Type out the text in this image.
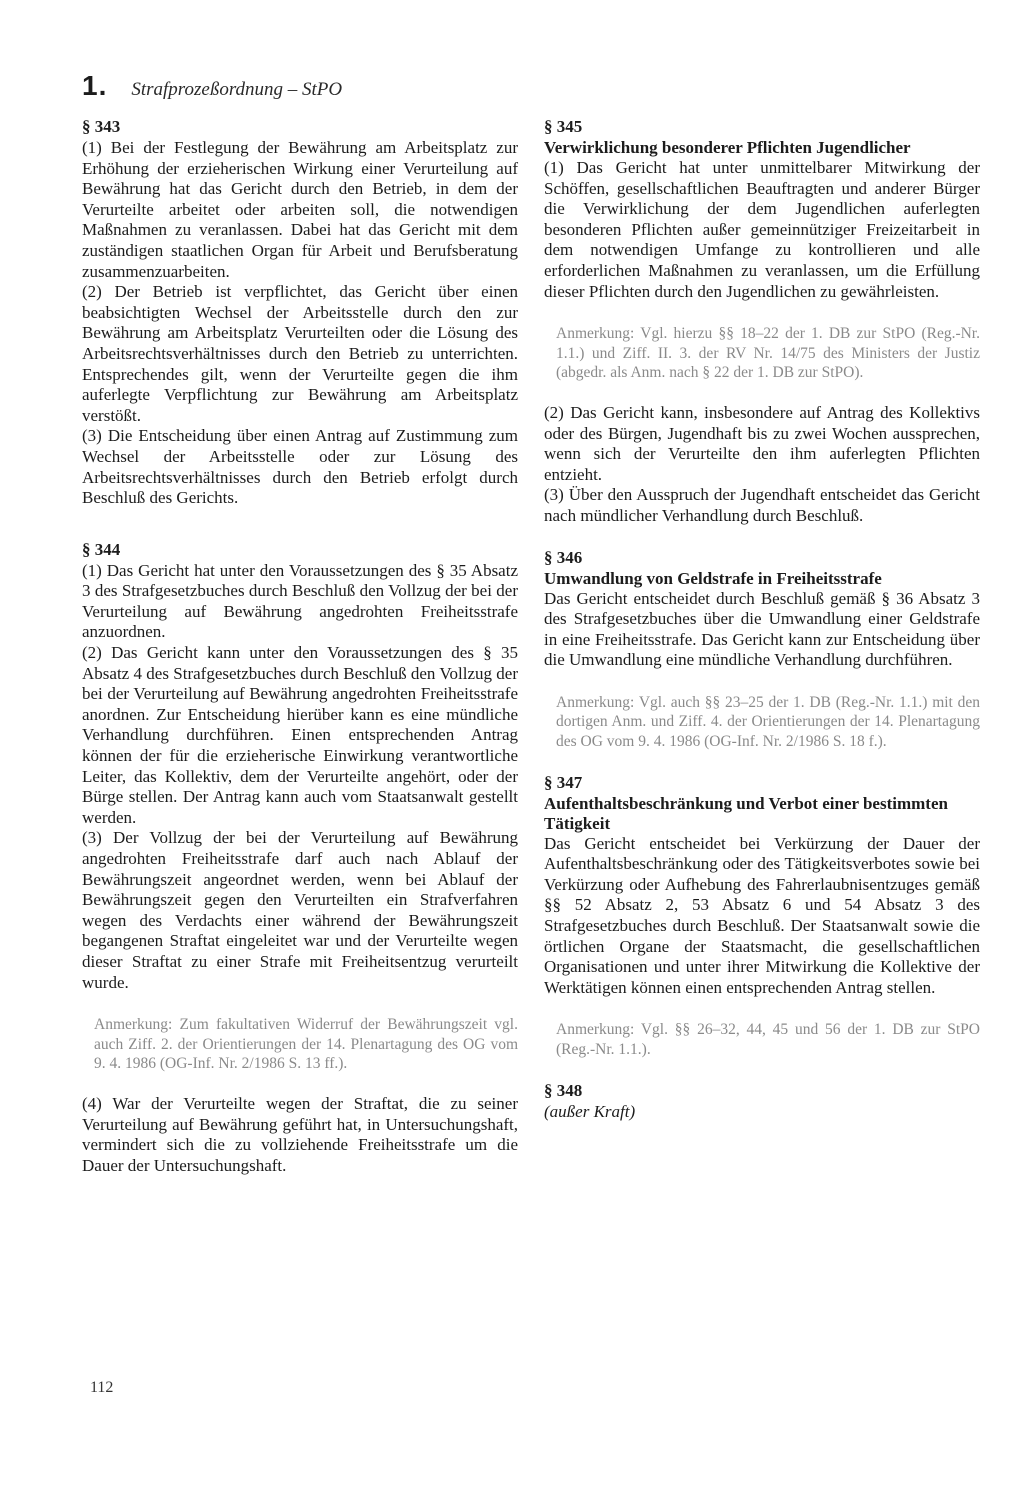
1. Strafprozeßordnung – StPO
§ 343
(1) Bei der Festlegung der Bewährung am Arbeitsplatz zur Erhöhung der erzieherischen Wirkung einer Verurteilung auf Bewährung hat das Gericht durch den Betrieb, in dem der Verurteilte arbeitet oder arbeiten soll, die notwendigen Maßnahmen zu veranlassen. Dabei hat das Gericht mit dem zuständigen staatlichen Organ für Arbeit und Berufsberatung zusammenzuarbeiten.
(2) Der Betrieb ist verpflichtet, das Gericht über einen beabsichtigten Wechsel der Arbeitsstelle durch den zur Bewährung am Arbeitsplatz Verurteilten oder die Lösung des Arbeitsrechtsverhältnisses durch den Betrieb zu unterrichten. Entsprechendes gilt, wenn der Verurteilte gegen die ihm auferlegte Verpflichtung zur Bewährung am Arbeitsplatz verstößt.
(3) Die Entscheidung über einen Antrag auf Zustimmung zum Wechsel der Arbeitsstelle oder zur Lösung des Arbeitsrechtsverhältnisses durch den Betrieb erfolgt durch Beschluß des Gerichts.
§ 344
(1) Das Gericht hat unter den Voraussetzungen des § 35 Absatz 3 des Strafgesetzbuches durch Beschluß den Vollzug der bei der Verurteilung auf Bewährung angedrohten Freiheitsstrafe anzuordnen.
(2) Das Gericht kann unter den Voraussetzungen des § 35 Absatz 4 des Strafgesetzbuches durch Beschluß den Vollzug der bei der Verurteilung auf Bewährung angedrohten Freiheitsstrafe anordnen. Zur Entscheidung hierüber kann es eine mündliche Verhandlung durchführen. Einen entsprechenden Antrag können der für die erzieherische Einwirkung verantwortliche Leiter, das Kollektiv, dem der Verurteilte angehört, oder der Bürge stellen. Der Antrag kann auch vom Staatsanwalt gestellt werden.
(3) Der Vollzug der bei der Verurteilung auf Bewährung angedrohten Freiheitsstrafe darf auch nach Ablauf der Bewährungszeit angeordnet werden, wenn bei Ablauf der Bewährungszeit gegen den Verurteilten ein Strafverfahren wegen des Verdachts einer während der Bewährungszeit begangenen Straftat eingeleitet war und der Verurteilte wegen dieser Straftat zu einer Strafe mit Freiheitsentzug verurteilt wurde.
Anmerkung: Zum fakultativen Widerruf der Bewährungszeit vgl. auch Ziff. 2. der Orientierungen der 14. Plenartagung des OG vom 9. 4. 1986 (OG-Inf. Nr. 2/1986 S. 13 ff.).
(4) War der Verurteilte wegen der Straftat, die zu seiner Verurteilung auf Bewährung geführt hat, in Untersuchungshaft, vermindert sich die zu vollziehende Freiheitsstrafe um die Dauer der Untersuchungshaft.
§ 345
Verwirklichung besonderer Pflichten Jugendlicher
(1) Das Gericht hat unter unmittelbarer Mitwirkung der Schöffen, gesellschaftlichen Beauftragten und anderer Bürger die Verwirklichung der dem Jugendlichen auferlegten besonderen Pflichten außer gemeinnütziger Freizeitarbeit in dem notwendigen Umfange zu kontrollieren und alle erforderlichen Maßnahmen zu veranlassen, um die Erfüllung dieser Pflichten durch den Jugendlichen zu gewährleisten.
Anmerkung: Vgl. hierzu §§ 18–22 der 1. DB zur StPO (Reg.-Nr. 1.1.) und Ziff. II. 3. der RV Nr. 14/75 des Ministers der Justiz (abgedr. als Anm. nach § 22 der 1. DB zur StPO).
(2) Das Gericht kann, insbesondere auf Antrag des Kollektivs oder des Bürgen, Jugendhaft bis zu zwei Wochen aussprechen, wenn sich der Verurteilte den ihm auferlegten Pflichten entzieht.
(3) Über den Ausspruch der Jugendhaft entscheidet das Gericht nach mündlicher Verhandlung durch Beschluß.
§ 346
Umwandlung von Geldstrafe in Freiheitsstrafe
Das Gericht entscheidet durch Beschluß gemäß § 36 Absatz 3 des Strafgesetzbuches über die Umwandlung einer Geldstrafe in eine Freiheitsstrafe. Das Gericht kann zur Entscheidung über die Umwandlung eine mündliche Verhandlung durchführen.
Anmerkung: Vgl. auch §§ 23–25 der 1. DB (Reg.-Nr. 1.1.) mit den dortigen Anm. und Ziff. 4. der Orientierungen der 14. Plenartagung des OG vom 9. 4. 1986 (OG-Inf. Nr. 2/1986 S. 18 f.).
§ 347
Aufenthaltsbeschränkung und Verbot einer bestimmten Tätigkeit
Das Gericht entscheidet bei Verkürzung der Dauer der Aufenthaltsbeschränkung oder des Tätigkeitsverbotes sowie bei Verkürzung oder Aufhebung des Fahrerlaubnisentzuges gemäß §§ 52 Absatz 2, 53 Absatz 6 und 54 Absatz 3 des Strafgesetzbuches durch Beschluß. Der Staatsanwalt sowie die örtlichen Organe der Staatsmacht, die gesellschaftlichen Organisationen und unter ihrer Mitwirkung die Kollektive der Werktätigen können einen entsprechenden Antrag stellen.
Anmerkung: Vgl. §§ 26–32, 44, 45 und 56 der 1. DB zur StPO (Reg.-Nr. 1.1.).
§ 348
(außer Kraft)
112
